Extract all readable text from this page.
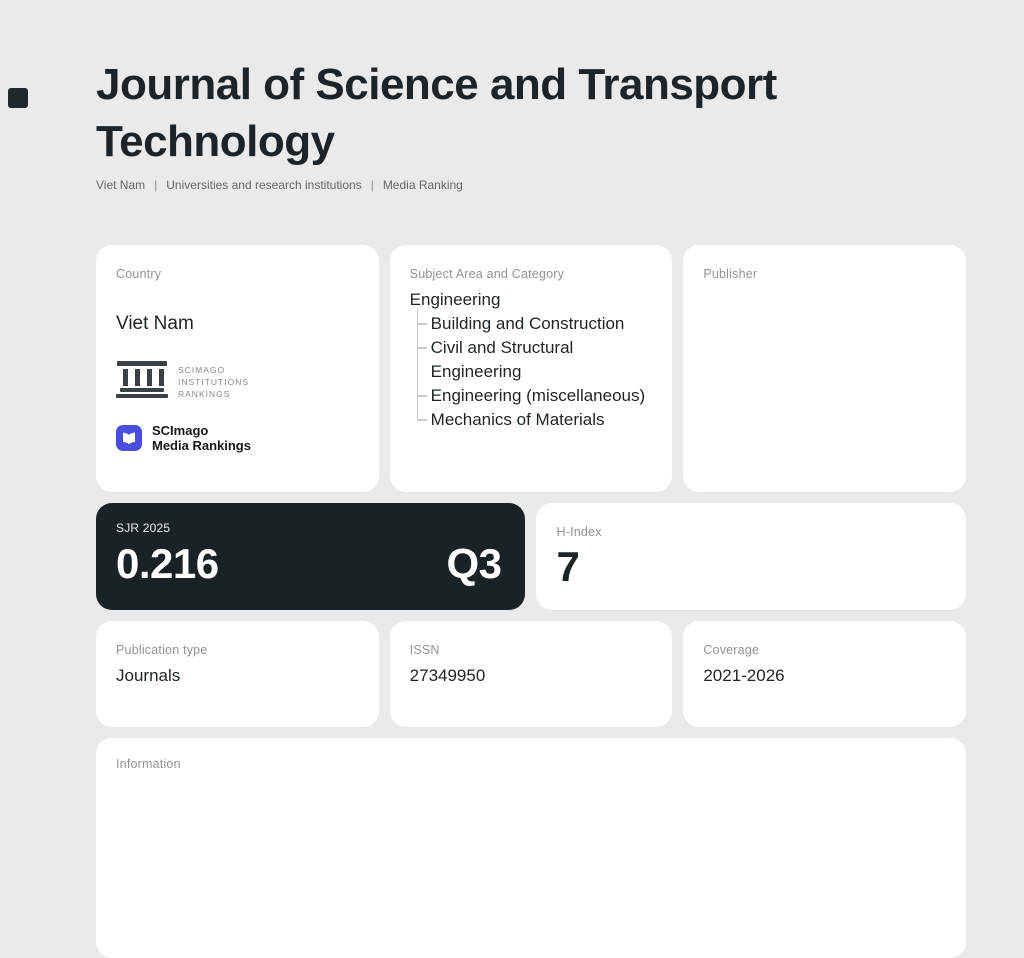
Journal of Science and Transport Technology
Viet Nam | Universities and research institutions | Media Ranking
Country
Viet Nam
SCIMAGO
INSTITUTIONS
RANKINGS
SCImago
Media Rankings
Subject Area and Category
Engineering
Building and Construction
Civil and Structural Engineering
Engineering (miscellaneous)
Mechanics of Materials
Publisher
SJR 2025
0.216	Q3
H-Index
7
Publication type
Journals
ISSN
27349950
Coverage
2021-2026
Information
